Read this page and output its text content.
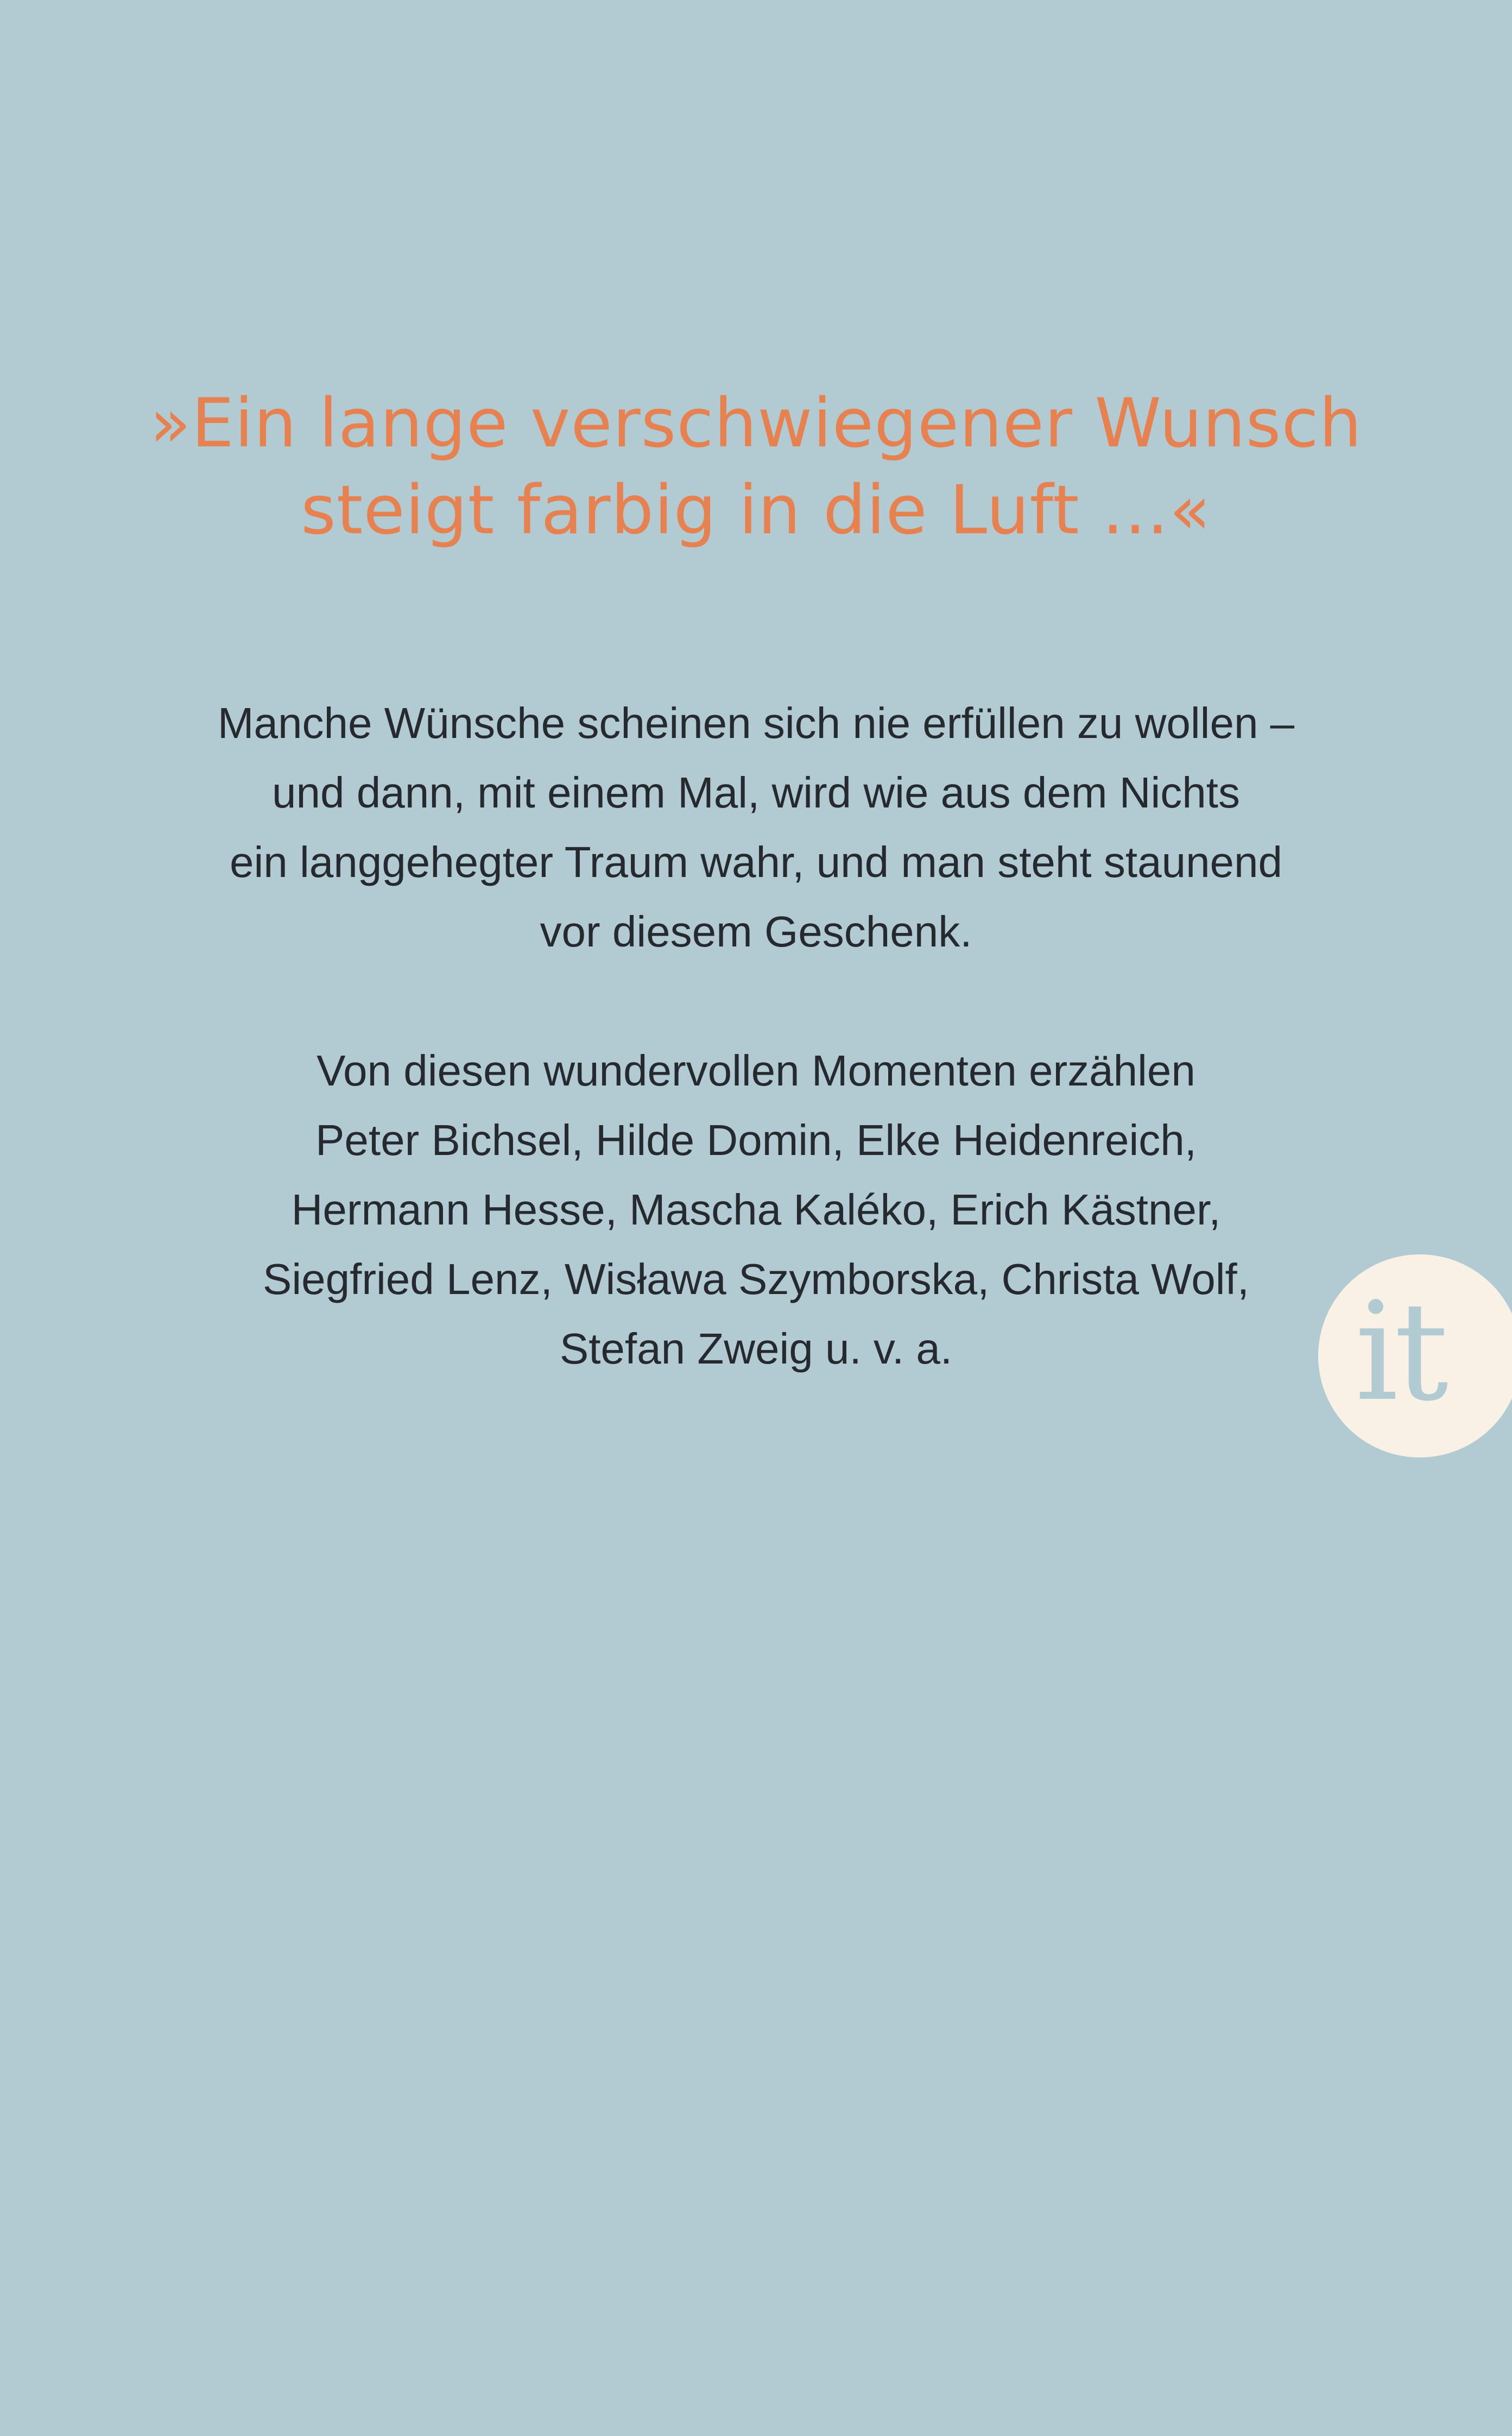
»Ein lange verschwiegener Wunsch
steigt farbig in die Luft …«
Manche Wünsche scheinen sich nie erfüllen zu wollen –
und dann, mit einem Mal, wird wie aus dem Nichts
ein langgehegter Traum wahr, und man steht staunend
vor diesem Geschenk.
Von diesen wundervollen Momenten erzählen
Peter Bichsel, Hilde Domin, Elke Heidenreich,
Hermann Hesse, Mascha Kaléko, Erich Kästner,
Siegfried Lenz, Wisława Szymborska, Christa Wolf,
Stefan Zweig u. v. a.	it
